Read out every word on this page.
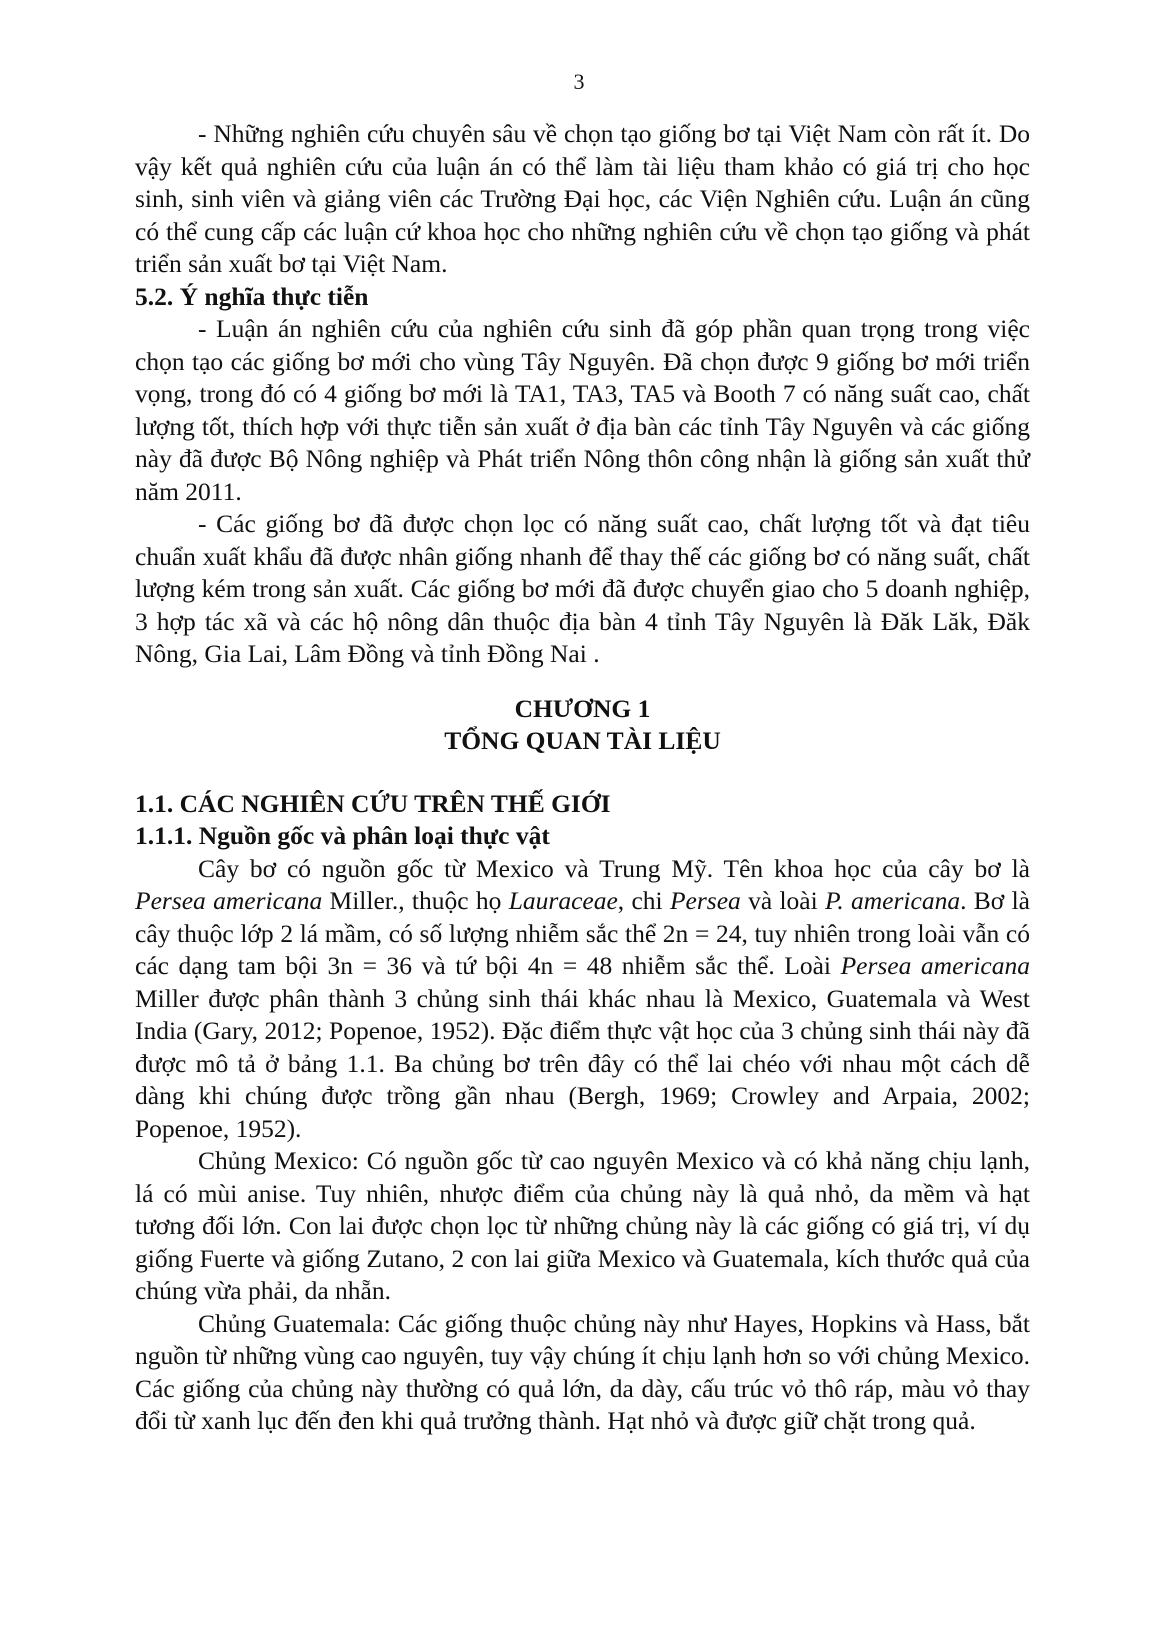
3

- Những nghiên cứu chuyên sâu về chọn tạo giống bơ tại Việt Nam còn rất ít. Do vậy kết quả nghiên cứu của luận án có thể làm tài liệu tham khảo có giá trị cho học sinh, sinh viên và giảng viên các Trường Đại học, các Viện Nghiên cứu. Luận án cũng có thể cung cấp các luận cứ khoa học cho những nghiên cứu về chọn tạo giống và phát triển sản xuất bơ tại Việt Nam.

5.2. Ý nghĩa thực tiễn

- Luận án nghiên cứu của nghiên cứu sinh đã góp phần quan trọng trong việc chọn tạo các giống bơ mới cho vùng Tây Nguyên. Đã chọn được 9 giống bơ mới triển vọng, trong đó có 4 giống bơ mới là TA1, TA3, TA5 và Booth 7 có năng suất cao, chất lượng tốt, thích hợp với thực tiễn sản xuất ở địa bàn các tỉnh Tây Nguyên và các giống này đã được Bộ Nông nghiệp và Phát triển Nông thôn công nhận là giống sản xuất thử năm 2011.

- Các giống bơ đã được chọn lọc có năng suất cao, chất lượng tốt và đạt tiêu chuẩn xuất khẩu đã được nhân giống nhanh để thay thế các giống bơ có năng suất, chất lượng kém trong sản xuất. Các giống bơ mới đã được chuyển giao cho 5 doanh nghiệp, 3 hợp tác xã và các hộ nông dân thuộc địa bàn 4 tỉnh Tây Nguyên là Đăk Lăk, Đăk Nông, Gia Lai, Lâm Đồng và tỉnh Đồng Nai .

CHƯƠNG 1

TỔNG QUAN TÀI LIỆU

1.1. CÁC NGHIÊN CỨU TRÊN THẾ GIỚI

1.1.1. Nguồn gốc và phân loại thực vật

Cây bơ có nguồn gốc từ Mexico và Trung Mỹ. Tên khoa học của cây bơ là Persea americana Miller., thuộc họ Lauraceae, chi Persea và loài P. americana. Bơ là cây thuộc lớp 2 lá mầm, có số lượng nhiễm sắc thể 2n = 24, tuy nhiên trong loài vẫn có các dạng tam bội 3n = 36 và tứ bội 4n = 48 nhiễm sắc thể. Loài Persea americana Miller được phân thành 3 chủng sinh thái khác nhau là Mexico, Guatemala và West India (Gary, 2012; Popenoe, 1952). Đặc điểm thực vật học của 3 chủng sinh thái này đã được mô tả ở bảng 1.1. Ba chủng bơ trên đây có thể lai chéo với nhau một cách dễ dàng khi chúng được trồng gần nhau (Bergh, 1969; Crowley and Arpaia, 2002; Popenoe, 1952).

Chủng Mexico: Có nguồn gốc từ cao nguyên Mexico và có khả năng chịu lạnh, lá có mùi anise. Tuy nhiên, nhược điểm của chủng này là quả nhỏ, da mềm và hạt tương đối lớn. Con lai được chọn lọc từ những chủng này là các giống có giá trị, ví dụ giống Fuerte và giống Zutano, 2 con lai giữa Mexico và Guatemala, kích thước quả của chúng vừa phải, da nhẵn.

Chủng Guatemala: Các giống thuộc chủng này như Hayes, Hopkins và Hass, bắt nguồn từ những vùng cao nguyên, tuy vậy chúng ít chịu lạnh hơn so với chủng Mexico. Các giống của chủng này thường có quả lớn, da dày, cấu trúc vỏ thô ráp, màu vỏ thay đổi từ xanh lục đến đen khi quả trưởng thành. Hạt nhỏ và được giữ chặt trong quả.
